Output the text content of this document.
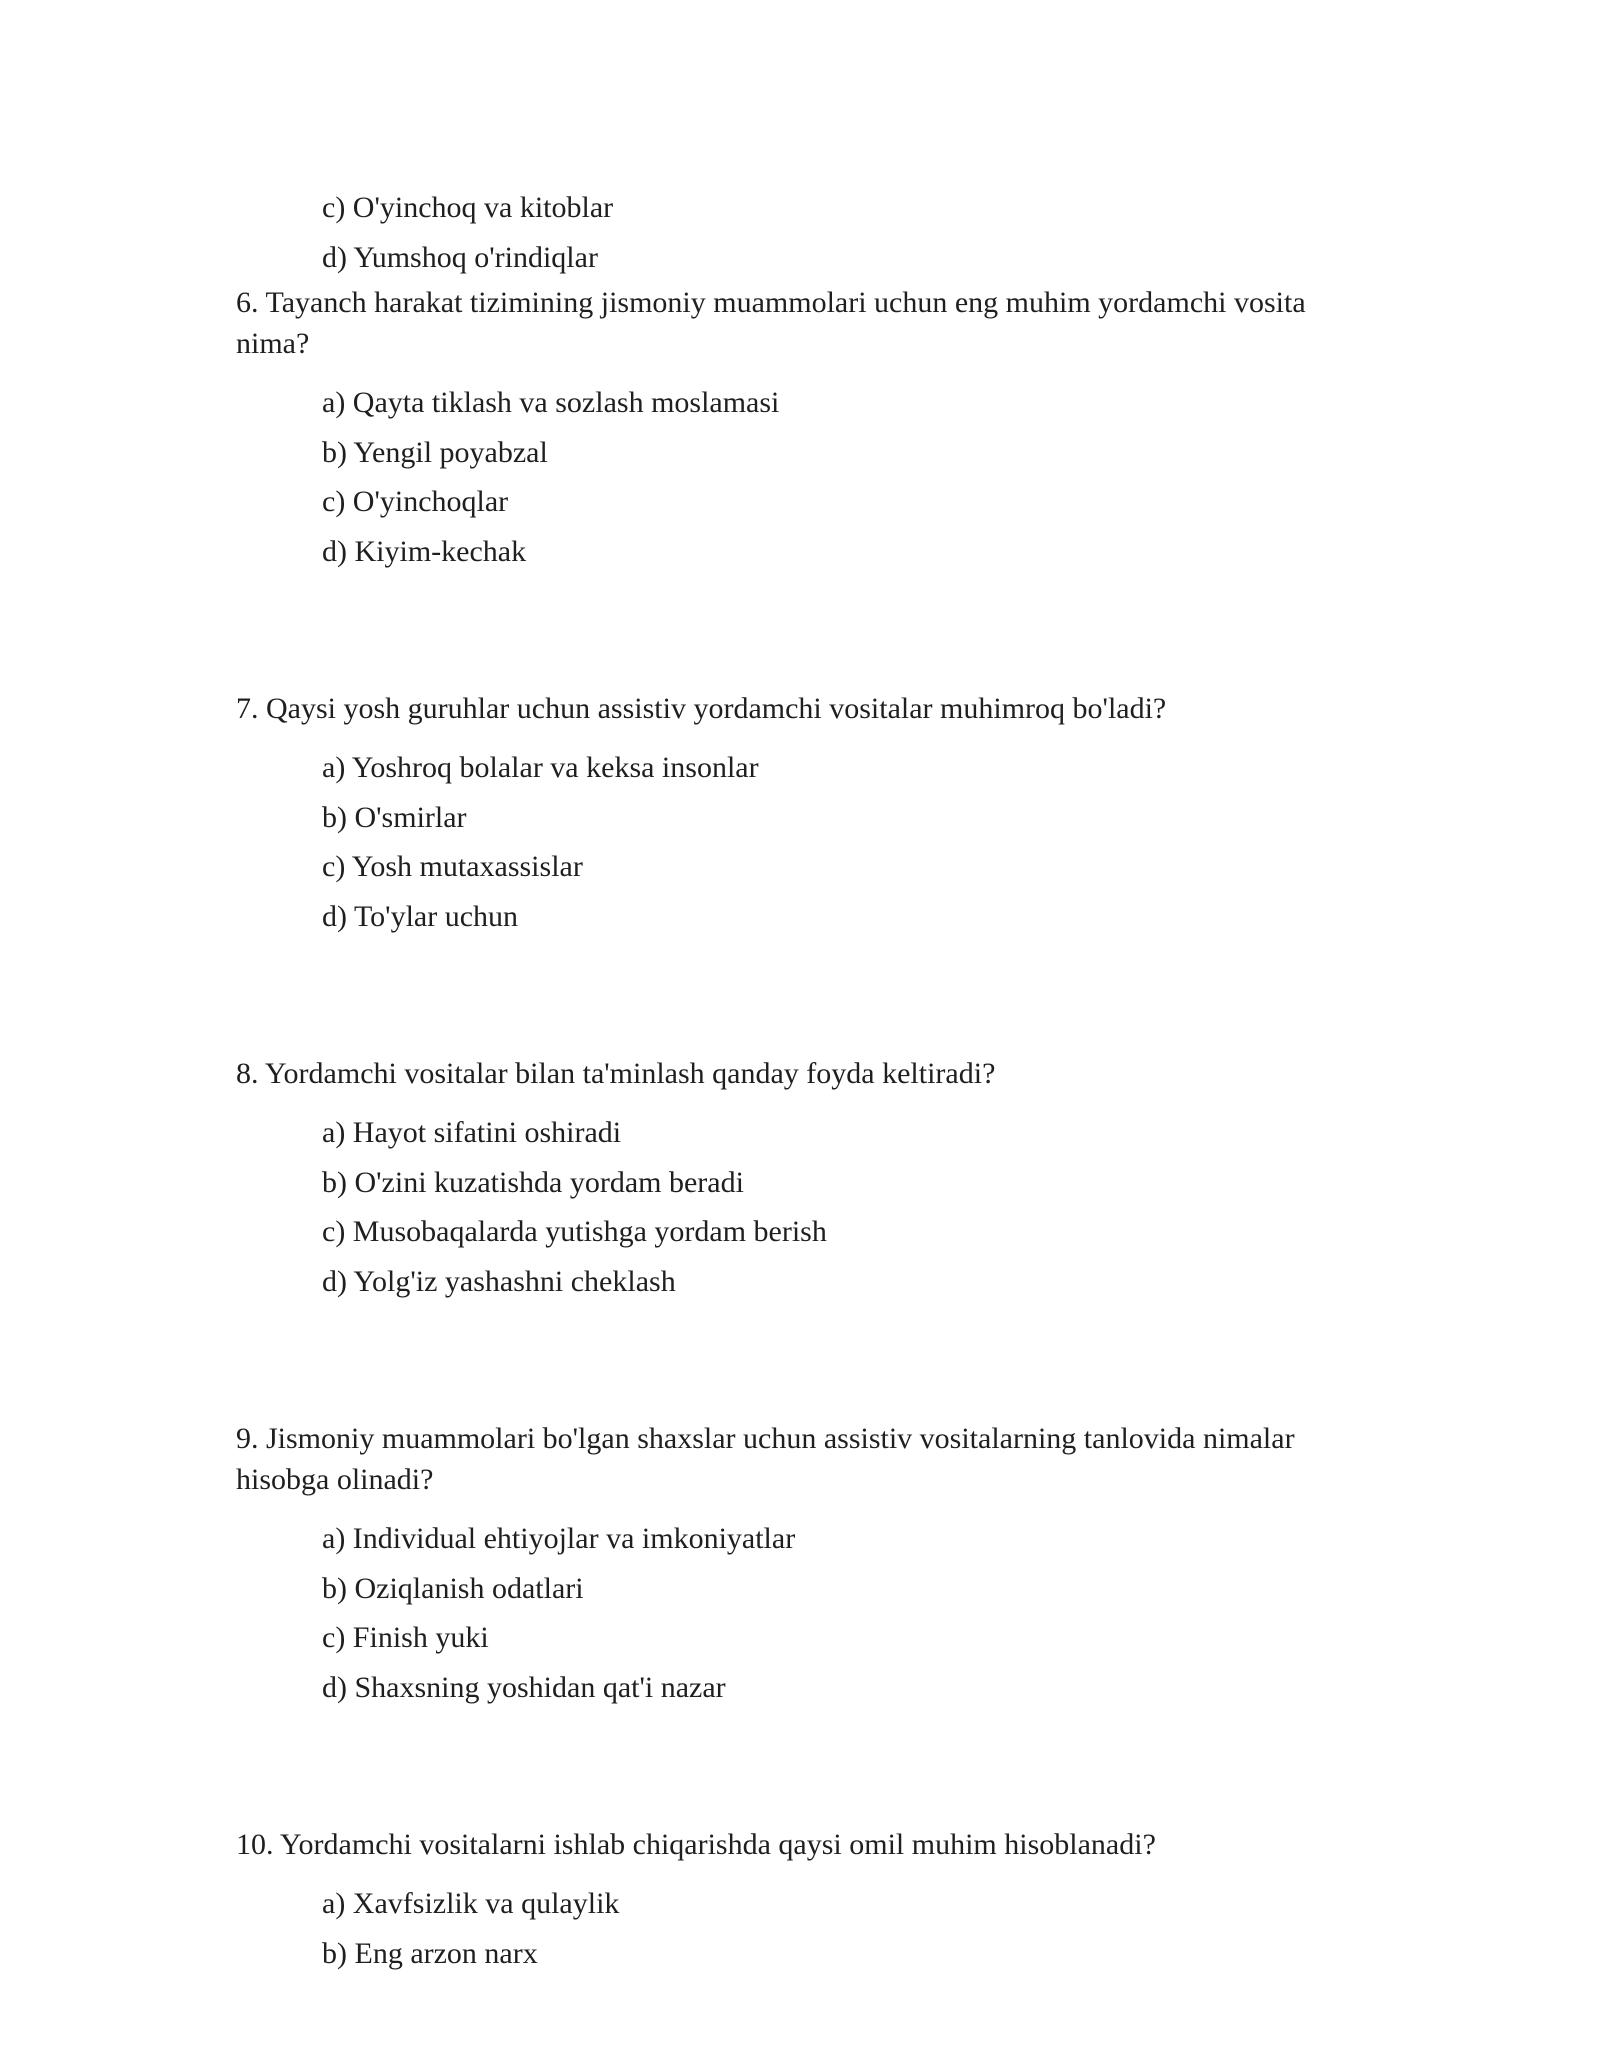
c) O'yinchoq va kitoblar
d) Yumshoq o'rindiqlar

6. Tayanch harakat tizimining jismoniy muammolari uchun eng muhim yordamchi vosita nima?

a) Qayta tiklash va sozlash moslamasi
b) Yengil poyabzal
c) O'yinchoqlar
d) Kiyim-kechak

7. Qaysi yosh guruhlar uchun assistiv yordamchi vositalar muhimroq bo'ladi?

a) Yoshroq bolalar va keksa insonlar
b) O'smirlar
c) Yosh mutaxassislar
d) To'ylar uchun

8. Yordamchi vositalar bilan ta'minlash qanday foyda keltiradi?

a) Hayot sifatini oshiradi
b) O'zini kuzatishda yordam beradi
c) Musobaqalarda yutishga yordam berish
d) Yolg'iz yashashni cheklash

9. Jismoniy muammolari bo'lgan shaxslar uchun assistiv vositalarning tanlovida nimalar hisobga olinadi?

a) Individual ehtiyojlar va imkoniyatlar
b) Oziqlanish odatlari
c) Finish yuki
d) Shaxsning yoshidan qat'i nazar

10. Yordamchi vositalarni ishlab chiqarishda qaysi omil muhim hisoblanadi?

a) Xavfsizlik va qulaylik
b) Eng arzon narx
